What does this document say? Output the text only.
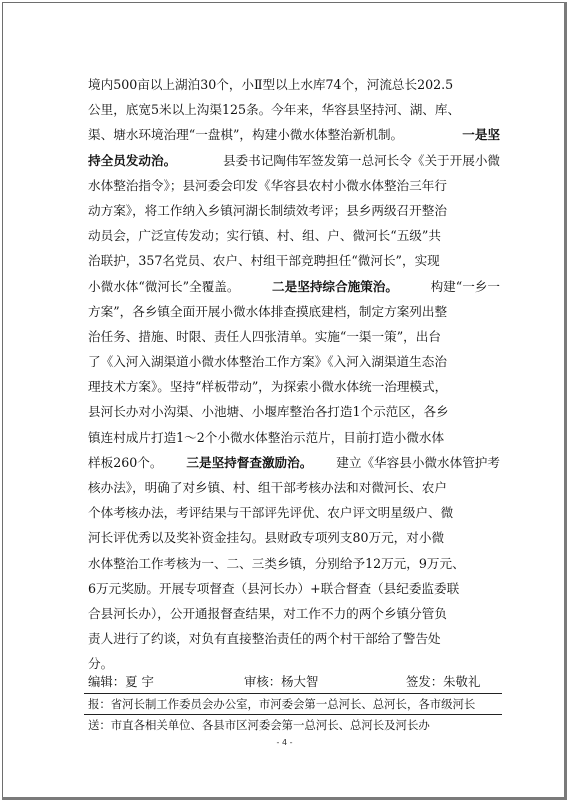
境内500亩以上湖泊30个，小Ⅱ型以上水库74个，河流总长202.5
公里，底宽5米以上沟渠125条。今年来，华容县坚持河、湖、库、
渠、塘水环境治理“一盘棋”，构建小微水体整治新机制。	一是坚
持全员发动治。	县委书记陶伟军签发第一总河长令《关于开展小微
水体整治指令》；县河委会印发《华容县农村小微水体整治三年行
动方案》，将工作纳入乡镇河湖长制绩效考评；县乡两级召开整治
动员会，广泛宣传发动；实行镇、村、组、户、微河长“五级”共
治联护，357名党员、农户、村组干部竞聘担任“微河长”，实现
小微水体“微河长”全覆盖。	二是坚持综合施策治。	构建“一乡一
方案”，各乡镇全面开展小微水体排查摸底建档，制定方案列出整
治任务、措施、时限、责任人四张清单。实施“一渠一策”，出台
了《入河入湖渠道小微水体整治工作方案》《入河入湖渠道生态治
理技术方案》。坚持“样板带动”，为探索小微水体统一治理模式，
县河长办对小沟渠、小池塘、小堰库整治各打造1个示范区，各乡
镇连村成片打造1～2个小微水体整治示范片，目前打造小微水体
样板260个。 三是坚持督查激励治。 建立《华容县小微水体管护考
核办法》，明确了对乡镇、村、组干部考核办法和对微河长、农户
个体考核办法，考评结果与干部评先评优、农户评文明星级户、微
河长评优秀以及奖补资金挂勾。县财政专项列支80万元，对小微
水体整治工作考核为一、二、三类乡镇，分别给予12万元，9万元、
6万元奖励。开展专项督查（县河长办）+联合督查（县纪委监委联
合县河长办），公开通报督查结果，对工作不力的两个乡镇分管负
责人进行了约谈，对负有直接整治责任的两个村干部给了警告处
分。
编辑：夏 宇	审核：杨大智	签发：朱敬礼
报：省河长制工作委员会办公室，市河委会第一总河长、总河长，各市级河长
送：市直各相关单位、各县市区河委会第一总河长、总河长及河长办
- 4 -
